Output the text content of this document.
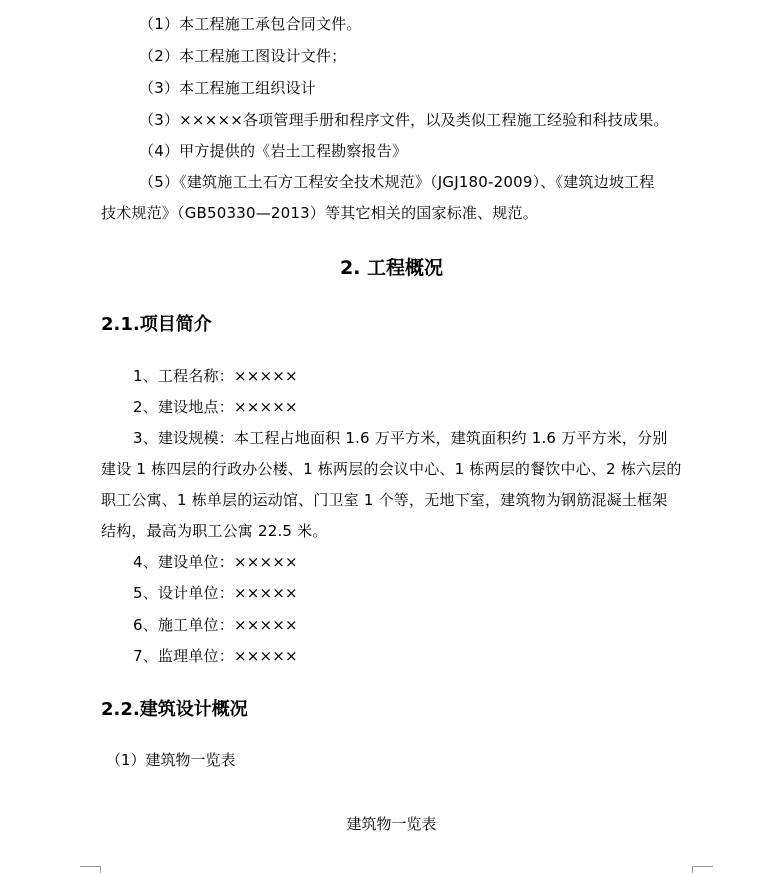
（1）本工程施工承包合同文件。
（2）本工程施工图设计文件；
（3）本工程施工组织设计
（3）×××××各项管理手册和程序文件，以及类似工程施工经验和科技成果。
（4）甲方提供的《岩土工程勘察报告》
（5）《建筑施工土石方工程安全技术规范》（JGJ180-2009）、《建筑边坡工程
技术规范》（GB50330—2013）等其它相关的国家标准、规范。
2. 工程概况
2.1.项目简介
1、工程名称：×××××
2、建设地点：×××××
3、建设规模：本工程占地面积 1.6 万平方米，建筑面积约 1.6 万平方米，分别
建设 1 栋四层的行政办公楼、1 栋两层的会议中心、1 栋两层的餐饮中心、2 栋六层的
职工公寓、1 栋单层的运动馆、门卫室 1 个等，无地下室，建筑物为钢筋混凝土框架
结构，最高为职工公寓 22.5 米。
4、建设单位：×××××
5、设计单位：×××××
6、施工单位：×××××
7、监理单位：×××××
2.2.建筑设计概况
（1）建筑物一览表
建筑物一览表
